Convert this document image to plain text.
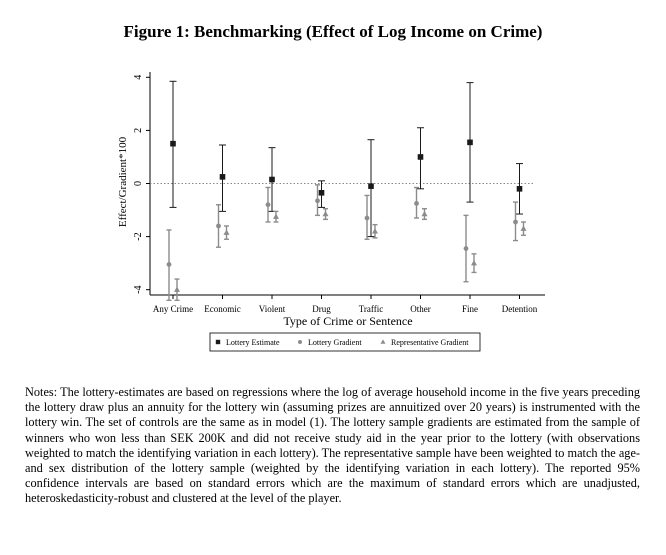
Figure 1: Benchmarking (Effect of Log Income on Crime)
-4
-2
0
2
4
Any Crime Economic Violent	Drug	Traffic	Other	Fine	Detention
Effect/Gradient*100
Type of Crime or Sentence
Lottery Estimate	Lottery Gradient	Representative Gradient
Notes: The lottery-estimates are based on regressions where the log of average household income in the five years preceding the lottery draw plus an annuity for the lottery win (assuming prizes are annuitized over 20 years) is instrumented with the lottery win. The set of controls are the same as in model (1). The lottery sample gradients are estimated from the sample of winners who won less than SEK 200K and did not receive study aid in the year prior to the lottery (with observations weighted to match the identifying variation in each lottery). The representative sample have been weighted to match the age- and sex distribution of the lottery sample (weighted by the identifying variation in each lottery). The reported 95% confidence intervals are based on standard errors which are the maximum of standard errors which are unadjusted, heteroskedasticity-robust and clustered at the level of the player.
